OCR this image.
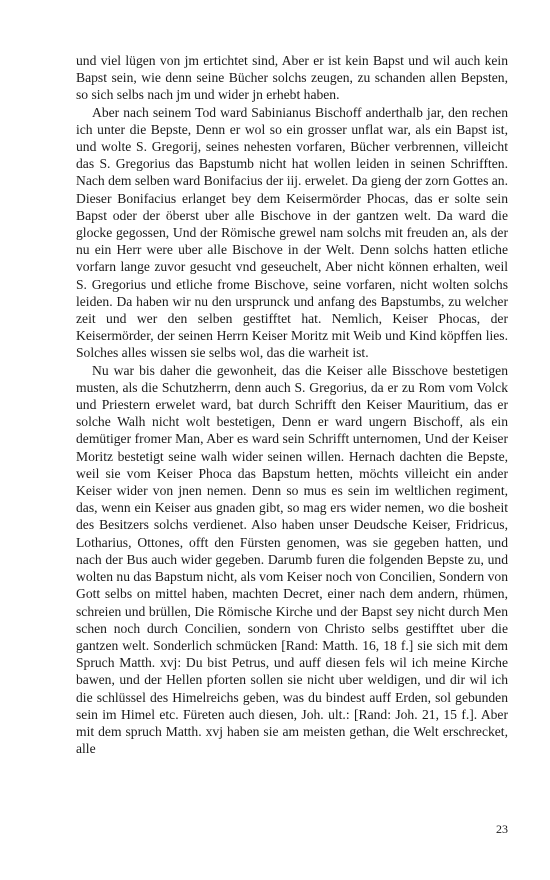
und viel lügen von jm ertichtet sind, Aber er ist kein Bapst und wil auch kein Bapst sein, wie denn seine Bücher solchs zeugen, zu schanden allen Bepsten, so sich selbs nach jm und wider jn erhebt haben.

Aber nach seinem Tod ward Sabinianus Bischoff anderthalb jar, den rechen ich unter die Bepste, Denn er wol so ein grosser unflat war, als ein Bapst ist, und wolte S. Gregorij, seines nehesten vorfaren, Bücher verbrennen, villeicht das S. Gregorius das Bapstumb nicht hat wollen leiden in seinen Schrifften. Nach dem selben ward Bonifacius der iij. erwelet. Da gieng der zorn Gottes an. Dieser Bonifacius erlanget bey dem Keisermörder Phocas, das er solte sein Bapst oder der öberst uber alle Bischove in der gantzen welt. Da ward die glocke gegossen, Und der Römische grewel nam solchs mit freuden an, als der nu ein Herr were uber alle Bischove in der Welt. Denn solchs hatten etliche vorfarn lange zuvor gesucht vnd geseuchelt, Aber nicht können erhalten, weil S. Gregorius und etliche frome Bischove, seine vorfaren, nicht wolten solchs leiden. Da haben wir nu den ursprunck und anfang des Bapstumbs, zu welcher zeit und wer den selben gestifftet hat. Nemlich, Keiser Phocas, der Keisermörder, der seinen Herrn Keiser Moritz mit Weib und Kind köpffen lies. Solches alles wissen sie selbs wol, das die warheit ist.

Nu war bis daher die gewonheit, das die Keiser alle Bisschove bestetigen musten, als die Schutzherrn, denn auch S. Gregorius, da er zu Rom vom Volck und Priestern erwelet ward, bat durch Schrifft den Keiser Mauritium, das er solche Walh nicht wolt bestetigen, Denn er ward ungern Bischoff, als ein demütiger fromer Man, Aber es ward sein Schrifft unternomen, Und der Keiser Moritz bestetigt seine walh wider seinen willen. Hernach dachten die Bepste, weil sie vom Keiser Phoca das Bapstum hetten, möchts villeicht ein ander Keiser wider von jnen nemen. Denn so mus es sein im weltlichen regiment, das, wenn ein Keiser aus gnaden gibt, so mag ers wider nemen, wo die bosheit des Besitzers solchs verdienet. Also haben unser Deudsche Keiser, Fridricus, Lotharius, Ottones, offt den Fürsten genomen, was sie gegeben hatten, und nach der Bus auch wider gegeben. Darumb furen die folgenden Bepste zu, und wolten nu das Bapstum nicht, als vom Keiser noch von Concilien, Sondern von Gott selbs on mittel haben, machten Decret, einer nach dem andern, rhümen, schreien und brüllen, Die Römische Kirche und der Bapst sey nicht durch Men schen noch durch Concilien, sondern von Christo selbs gestifftet uber die gantzen welt. Sonderlich schmücken [Rand: Matth. 16, 18 f.] sie sich mit dem Spruch Matth. xvj: Du bist Petrus, und auff diesen fels wil ich meine Kirche bawen, und der Hellen pforten sollen sie nicht uber weldigen, und dir wil ich die schlüssel des Himelreichs geben, was du bindest auff Erden, sol gebunden sein im Himel etc. Füreten auch diesen, Joh. ult.: [Rand: Joh. 21, 15 f.]. Aber mit dem spruch Matth. xvj haben sie am meisten gethan, die Welt erschrecket, alle

23
